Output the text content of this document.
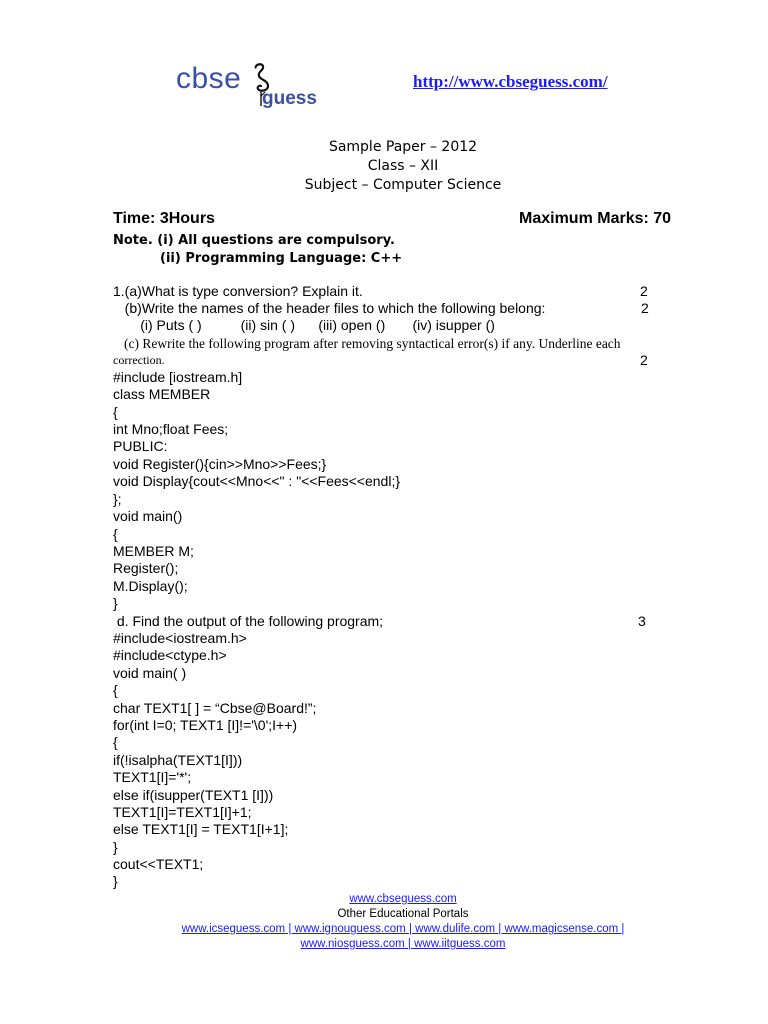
cbse
guess
http://www.cbseguess.com/
Sample Paper – 2012
Class – XII
Subject – Computer Science
Time: 3Hours	Maximum Marks: 70
Note. (i) All questions are compulsory.
(ii) Programming Language: C++
1.(a)What is type conversion? Explain it.	2
(b)Write the names of the header files to which the following belong:	2
(i) Puts ( )          (ii) sin ( )      (iii) open ()       (iv) isupper ()
(c) Rewrite the following program after removing syntactical error(s) if any. Underline each
correction.	2
#include [iostream.h]
class MEMBER
{
int Mno;float Fees;
PUBLIC:
void Register(){cin>>Mno>>Fees;}
void Display{cout<<Mno<<" : "<<Fees<<endl;}
};
void main()
{
MEMBER M;
Register();
M.Display();
}
d. Find the output of the following program;	3
#include<iostream.h>
#include<ctype.h>
void main( )
{
char TEXT1[ ] = “Cbse@Board!”;
for(int I=0; TEXT1 [I]!='\0';I++)
{
if(!isalpha(TEXT1[I]))
TEXT1[I]='*';
else if(isupper(TEXT1 [I]))
TEXT1[I]=TEXT1[I]+1;
else TEXT1[I] = TEXT1[I+1];
}
cout<<TEXT1;
}
www.cbseguess.com
Other Educational Portals
www.icseguess.com | www.ignouguess.com | www.dulife.com | www.magicsense.com |
www.niosguess.com | www.iitguess.com
